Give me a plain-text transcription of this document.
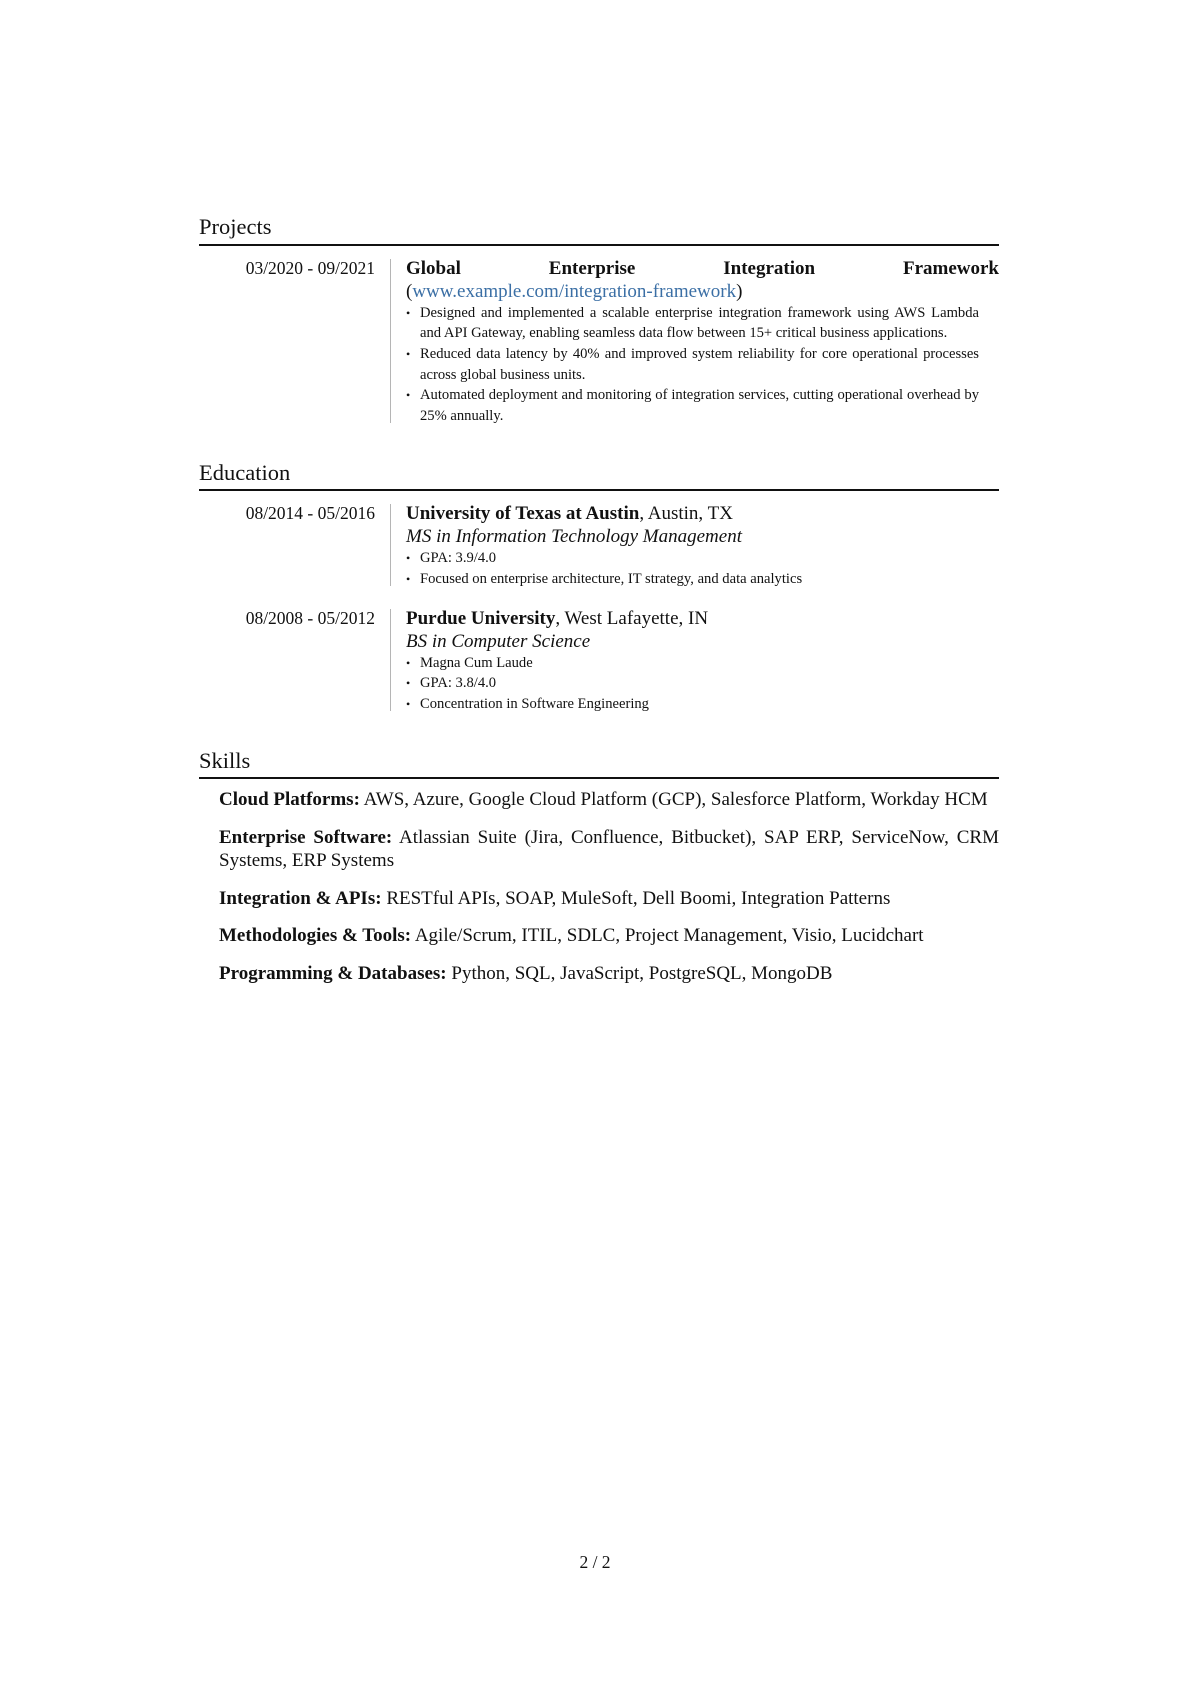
Projects
03/2020 - 09/2021	Global Enterprise Integration Framework (www.example.com/integration-framework)
• Designed and implemented a scalable enterprise integration framework using AWS Lambda and API Gateway, enabling seamless data flow between 15+ critical business applications.
• Reduced data latency by 40% and improved system reliability for core operational processes across global business units.
• Automated deployment and monitoring of integration services, cutting operational overhead by 25% annually.
Education
08/2014 - 05/2016	University of Texas at Austin, Austin, TX
MS in Information Technology Management
• GPA: 3.9/4.0
• Focused on enterprise architecture, IT strategy, and data analytics
08/2008 - 05/2012	Purdue University, West Lafayette, IN
BS in Computer Science
• Magna Cum Laude
• GPA: 3.8/4.0
• Concentration in Software Engineering
Skills
Cloud Platforms: AWS, Azure, Google Cloud Platform (GCP), Salesforce Platform, Workday HCM
Enterprise Software: Atlassian Suite (Jira, Confluence, Bitbucket), SAP ERP, ServiceNow, CRM Systems, ERP Systems
Integration & APIs: RESTful APIs, SOAP, MuleSoft, Dell Boomi, Integration Patterns
Methodologies & Tools: Agile/Scrum, ITIL, SDLC, Project Management, Visio, Lucidchart
Programming & Databases: Python, SQL, JavaScript, PostgreSQL, MongoDB
2 / 2
